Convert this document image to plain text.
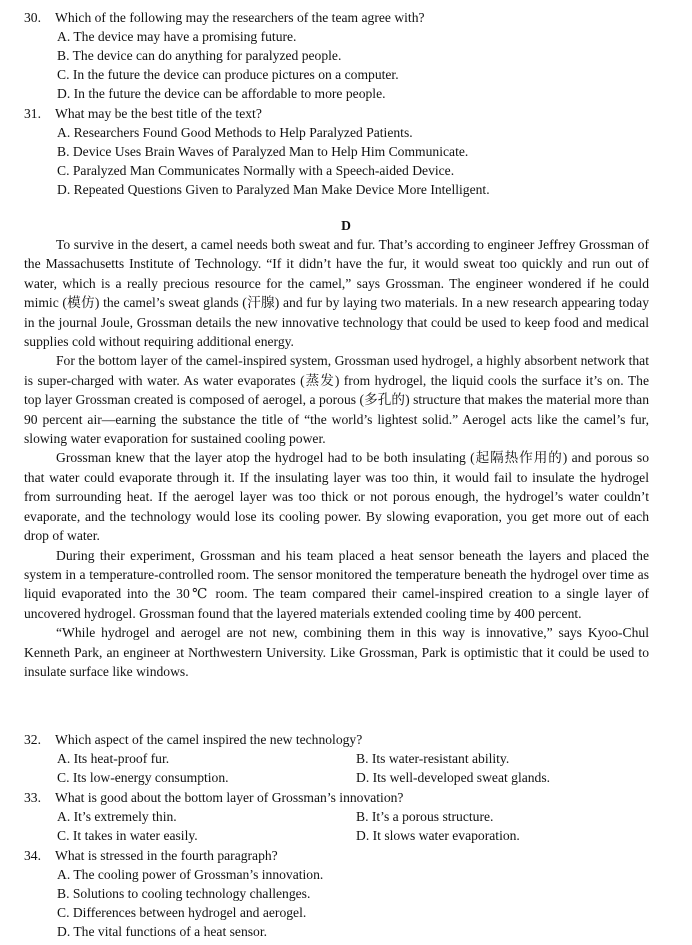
30. Which of the following may the researchers of the team agree with?
A. The device may have a promising future.
B. The device can do anything for paralyzed people.
C. In the future the device can produce pictures on a computer.
D. In the future the device can be affordable to more people.
31. What may be the best title of the text?
A. Researchers Found Good Methods to Help Paralyzed Patients.
B. Device Uses Brain Waves of Paralyzed Man to Help Him Communicate.
C. Paralyzed Man Communicates Normally with a Speech-aided Device.
D. Repeated Questions Given to Paralyzed Man Make Device More Intelligent.
D

To survive in the desert, a camel needs both sweat and fur. That’s according to engineer Jeffrey Grossman of the Massachusetts Institute of Technology. “If it didn’t have the fur, it would sweat too quickly and run out of water, which is a really precious resource for the camel,” says Grossman. The engineer wondered if he could mimic (模仿) the camel’s sweat glands (汗腺) and fur by laying two materials. In a new research appearing today in the journal Joule, Grossman details the new innovative technology that could be used to keep food and medical supplies cold without requiring additional energy.

For the bottom layer of the camel-inspired system, Grossman used hydrogel, a highly absorbent network that is super-charged with water. As water evaporates (蒸发) from hydrogel, the liquid cools the surface it’s on. The top layer Grossman created is composed of aerogel, a porous (多孔的) structure that makes the material more than 90 percent air—earning the substance the title of “the world’s lightest solid.” Aerogel acts like the camel’s fur, slowing water evaporation for sustained cooling power.

Grossman knew that the layer atop the hydrogel had to be both insulating (起隔热作用的) and porous so that water could evaporate through it. If the insulating layer was too thin, it would fail to insulate the hydrogel from surrounding heat. If the aerogel layer was too thick or not porous enough, the hydrogel’s water couldn’t evaporate, and the technology would lose its cooling power. By slowing evaporation, you get more out of each drop of water.

During their experiment, Grossman and his team placed a heat sensor beneath the layers and placed the system in a temperature-controlled room. The sensor monitored the temperature beneath the hydrogel over time as liquid evaporated into the 30℃ room. The team compared their camel-inspired creation to a single layer of uncovered hydrogel. Grossman found that the layered materials extended cooling time by 400 percent.

“While hydrogel and aerogel are not new, combining them in this way is innovative,” says Kyoo-Chul Kenneth Park, an engineer at Northwestern University. Like Grossman, Park is optimistic that it could be used to insulate surface like windows.

32. Which aspect of the camel inspired the new technology?
A. Its heat-proof fur.	B. Its water-resistant ability.
C. Its low-energy consumption.	D. Its well-developed sweat glands.
33. What is good about the bottom layer of Grossman’s innovation?
A. It’s extremely thin.	B. It’s a porous structure.
C. It takes in water easily.	D. It slows water evaporation.
34. What is stressed in the fourth paragraph?
A. The cooling power of Grossman’s innovation.
B. Solutions to cooling technology challenges.
C. Differences between hydrogel and aerogel.
D. The vital functions of a heat sensor.
